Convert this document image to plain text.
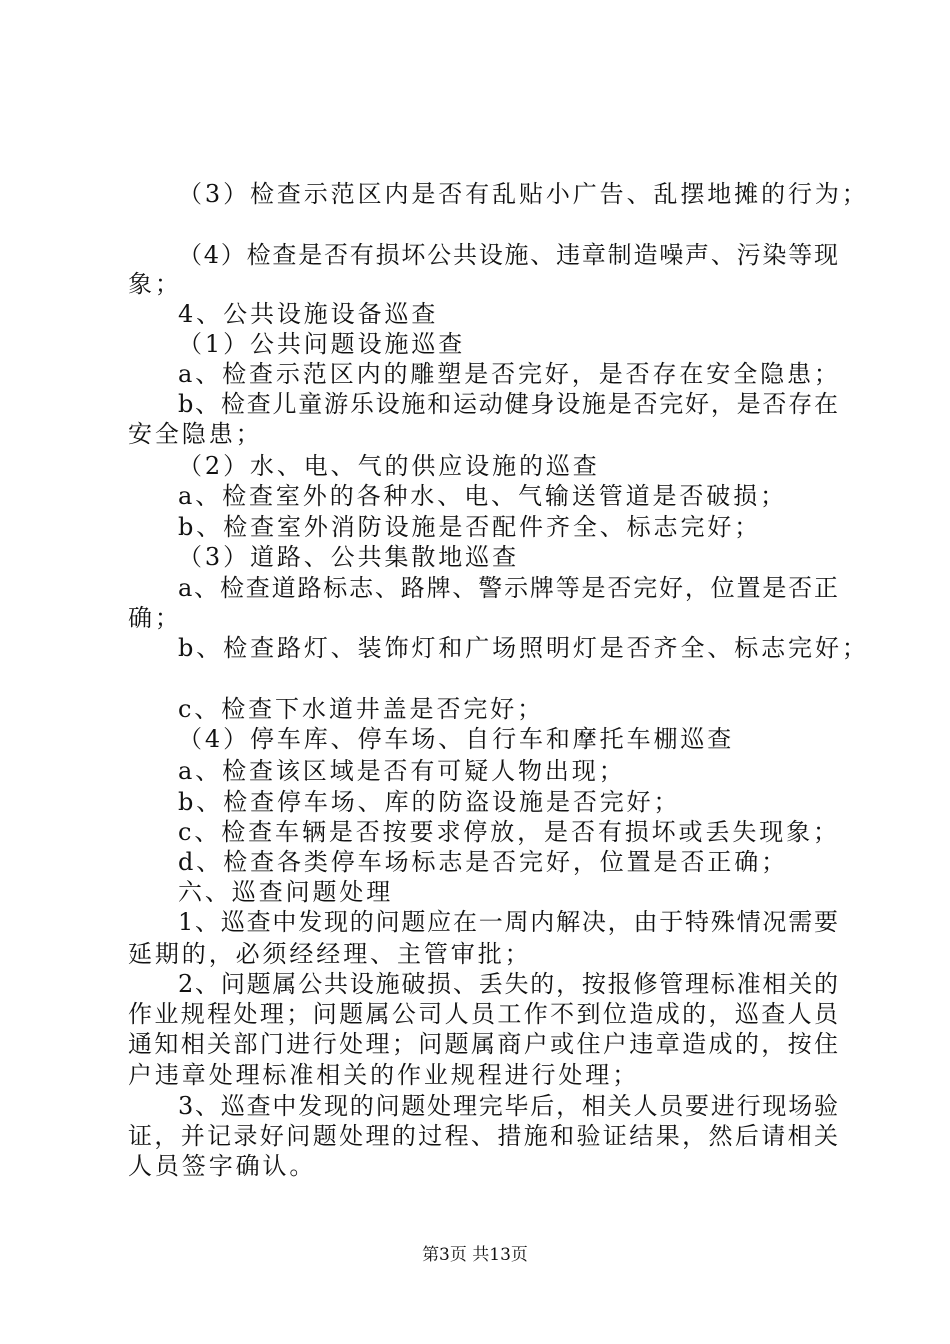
（3）检查示范区内是否有乱贴小广告、乱摆地摊的行为；
（4）检查是否有损坏公共设施、违章制造噪声、污染等现
象；
4、公共设施设备巡查
（1）公共问题设施巡查
a、检查示范区内的雕塑是否完好，是否存在安全隐患；
b、检查儿童游乐设施和运动健身设施是否完好，是否存在
安全隐患；
（2）水、电、气的供应设施的巡查
a、检查室外的各种水、电、气输送管道是否破损；
b、检查室外消防设施是否配件齐全、标志完好；
（3）道路、公共集散地巡查
a、检查道路标志、路牌、警示牌等是否完好，位置是否正
确；
b、检查路灯、装饰灯和广场照明灯是否齐全、标志完好；
c、检查下水道井盖是否完好；
（4）停车库、停车场、自行车和摩托车棚巡查
a、检查该区域是否有可疑人物出现；
b、检查停车场、库的防盗设施是否完好；
c、检查车辆是否按要求停放，是否有损坏或丢失现象；
d、检查各类停车场标志是否完好，位置是否正确；
六、巡查问题处理
1、巡查中发现的问题应在一周内解决，由于特殊情况需要
延期的，必须经经理、主管审批；
2、问题属公共设施破损、丢失的，按报修管理标准相关的
作业规程处理；问题属公司人员工作不到位造成的，巡查人员
通知相关部门进行处理；问题属商户或住户违章造成的，按住
户违章处理标准相关的作业规程进行处理；
3、巡查中发现的问题处理完毕后，相关人员要进行现场验
证，并记录好问题处理的过程、措施和验证结果，然后请相关
人员签字确认。
第3页 共13页
